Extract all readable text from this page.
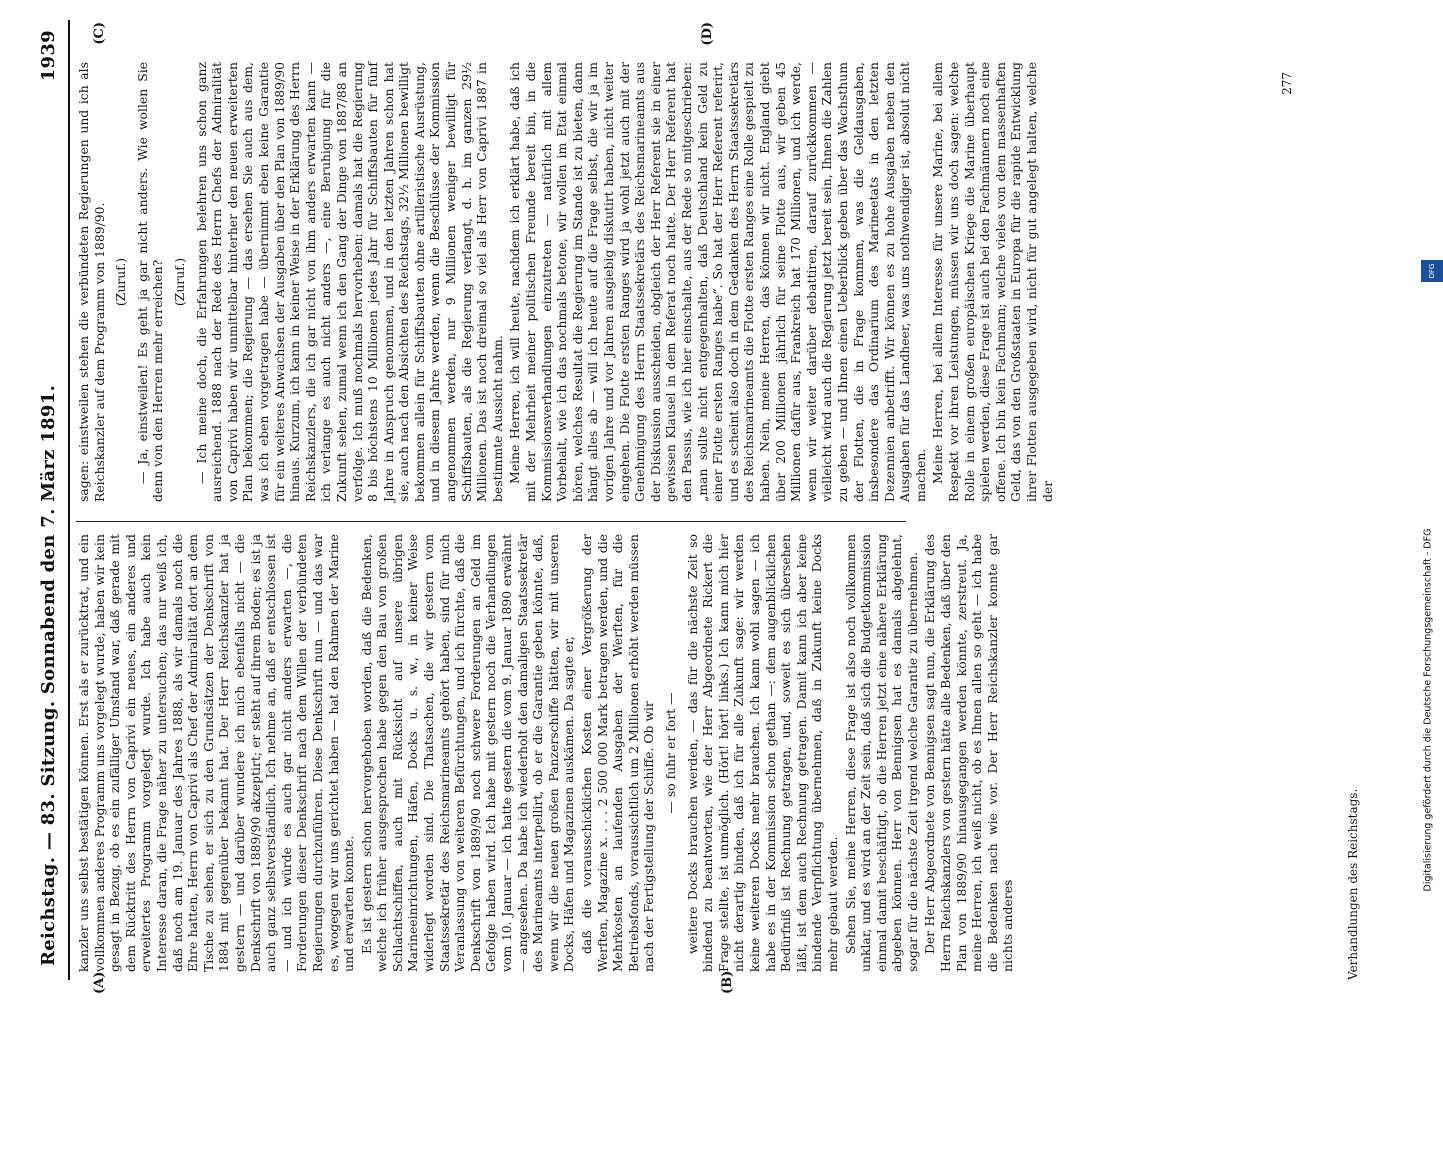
Reichstag. — 83. Sitzung. Sonnabend den 7. März 1891.
1939
(A)	(B)
(C)	(D)

kanzler uns selbst bestätigen können. Erst als er zurücktrat, und ein vollkommen anderes Programm uns vorgelegt wurde, haben wir kein gesagt in Bezug, ob es ein zufälliger Umstand war, daß gerade mit dem Rücktritt des Herrn von Caprivi ein neues, ein anderes und erweitertes Programm vorgelegt wurde. Ich habe auch kein Interesse daran, die Frage näher zu untersuchen; das nur weiß ich, daß noch am 19. Januar des Jahres 1888, als wir damals noch die Ehre hatten, Herrn von Caprivi als Chef der Admiralität dort an dem Tische zu sehen, er sich zu den Grundsätzen der Denkschrift von 1884 mit gegenüber bekannt hat. Der Herr Reichskanzler hat ja gestern — und darüber wundere ich mich ebenfalls nicht — die Denkschrift von 1889/90 akzeptirt; er steht auf ihrem Boden; es ist ja auch ganz selbstverständlich. Ich nehme an, daß er entschlossen ist — und ich würde es auch gar nicht anders erwarten —, die Forderungen dieser Denkschrift nach dem Willen der verbündeten Regierungen durchzuführen. Diese Denkschrift nun — und das war es, wogegen wir uns gerichtet haben — hat den Rahmen der Marine und erwarten konnte. Es ist gestern schon hervorgehoben worden, daß die Bedenken, welche ich früher ausgesprochen habe gegen den Bau von großen Schlachtschiffen, auch mit Rücksicht auf unsere übrigen Marineeinrichtungen, Häfen, Docks u. s. w., in keiner Weise widerlegt worden sind. Die Thatsachen, die wir gestern vom Staatssekretär des Reichsmarineamts gehört haben, sind für mich Veranlassung von weiteren Befürchtungen, und ich fürchte, daß die Denkschrift von 1889/90 noch schwere Forderungen an Geld im Gefolge haben wird. Ich habe mit gestern noch die Verhandlungen vom 10. Januar — ich hatte gestern die vom 9. Januar 1890 erwähnt — angesehen. Da habe ich wiederholt den damaligen Staatssekretär des Marineamts interpellirt, ob er die Garantie geben könnte, daß, wenn wir die neuen großen Panzerschiffe hätten, wir mit unseren Docks, Häfen und Magazinen auskämen. Da sagte er, daß die vorausschicklichen Kosten einer Vergrößerung der Werften, Magazine x. . . . 2 500 000 Mark betragen werden, und die Mehrkosten an laufenden Ausgaben der Werften, für die Betriebsfonds, voraussichtlich um 2 Millionen erhöht werden müssen nach der Fertigstellung der Schiffe. Ob wir — so fuhr er fort — weitere Docks brauchen werden, — das für die nächste Zeit so bindend zu beantworten, wie der Herr Abgeordnete Rickert die Frage stellte, ist unmöglich. (Hört! hört! links.) Ich kann mich hier nicht derartig binden, daß ich für alle Zukunft sage: wir werden keine weiteren Docks mehr brauchen. Ich kann wohl sagen — ich habe es in der Kommission schon gethan —: dem augenblicklichen Bedürfniß ist Rechnung getragen, und, soweit es sich übersehen läßt, ist dem auch Rechnung getragen. Damit kann ich aber keine bindende Verpflichtung übernehmen, daß in Zukunft keine Docks mehr gebaut werden. Sehen Sie, meine Herren, diese Frage ist also noch vollkommen unklar, und es wird an der Zeit sein, daß sich die Budgetkommission einmal damit beschäftigt, ob die Herren jetzt eine nähere Erklärung abgeben können. Herr von Bennigsen hat es damals abgelehnt, sogar für die nächste Zeit irgend welche Garantie zu übernehmen. Der Herr Abgeordnete von Bennigsen sagt nun, die Erklärung des Herrn Reichskanzlers von gestern hätte alle Bedenken, daß über den Plan von 1889/90 hinausgegangen werden könnte, zerstreut. Ja, meine Herren, ich weiß nicht, ob es Ihnen allen so geht — ich habe die Bedenken nach wie vor. Der Herr Reichskanzler konnte gar nichts anderes

sagen: einstweilen stehen die verbündeten Regierungen und ich als Reichskanzler auf dem Programm von 1889/90. (Zuruf.) — Ja, einstweilen! Es geht ja gar nicht anders. Wie wollen Sie denn von den Herren mehr erreichen? (Zuruf.) — Ich meine doch, die Erfahrungen belehren uns schon ganz ausreichend. 1888 nach der Rede des Herrn Chefs der Admiralität von Caprivi haben wir unmittelbar hinterher den neuen erweiterten Plan bekommen; die Regierung — das ersehen Sie auch aus dem, was ich eben vorgetragen habe — übernimmt eben keine Garantie für ein weiteres Anwachsen der Ausgaben über den Plan von 1889/90 hinaus. Kurzum, ich kann in keiner Weise in der Erklärung des Herrn Reichskanzlers, die ich gar nicht von ihm anders erwarten kann — ich verlange es auch nicht anders —, eine Beruhigung für die Zukunft sehen, zumal wenn ich den Gang der Dinge von 1887/88 an verfolge. Ich muß nochmals hervorheben: damals hat die Regierung 8 bis höchstens 10 Millionen jedes Jahr für Schiffsbauten für fünf Jahre in Anspruch genommen, und in den letzten Jahren schon hat sie, auch nach den Absichten des Reichstags, 32½ Millionen bewilligt bekommen allein für Schiffsbauten ohne artilleristische Ausrüstung, und in diesem Jahre werden, wenn die Beschlüsse der Kommission angenommen werden, nur 9 Millionen weniger bewilligt für Schiffsbauten, als die Regierung verlangt, d. h. im ganzen 29½ Millionen. Das ist noch dreimal so viel als Herr von Caprivi 1887 in bestimmte Aussicht nahm. Meine Herren, ich will heute, nachdem ich erklärt habe, daß ich mit der Mehrheit meiner politischen Freunde bereit bin, in die Kommissionsverhandlungen einzutreten — natürlich mit allem Vorbehalt, wie ich das nochmals betone, wir wollen im Etat einmal hören, welches Resultat die Regierung im Stande ist zu bieten, dann hängt alles ab — will ich heute auf die Frage selbst, die wir ja im vorigen Jahre und vor Jahren ausgiebig diskutirt haben, nicht weiter eingehen. Die Flotte ersten Ranges wird ja wohl jetzt auch mit der Genehmigung des Herrn Staatssekretärs des Reichsmarineamts aus der Diskussion ausscheiden, obgleich der Herr Referent sie in einer gewissen Klausel in dem Referat noch hatte. Der Herr Referent hat den Passus, wie ich hier einschalte, aus der Rede so mitgeschrieben: „man sollte nicht entgegenhalten, daß Deutschland kein Geld zu einer Flotte ersten Ranges habe“. So hat der Herr Referent referirt, und es scheint also doch in dem Gedanken des Herrn Staatssekretärs des Reichsmarineamts die Flotte ersten Ranges eine Rolle gespielt zu haben. Nein, meine Herren, das können wir nicht. England giebt über 200 Millionen jährlich für seine Flotte aus, wir geben 45 Millionen dafür aus, Frankreich hat 170 Millionen, und ich werde, wenn wir weiter darüber debattiren, darauf zurückkommen — vielleicht wird auch die Regierung jetzt bereit sein, Ihnen die Zahlen zu geben — und Ihnen einen Ueberblick geben über das Wachsthum der Flotten, die in Frage kommen, was die Geldausgaben, insbesondere das Ordinarium des Marineetats in den letzten Dezennien anbetrifft. Wir können es zu hohe Ausgaben neben den Ausgaben für das Landheer, was uns nothwendiger ist, absolut nicht machen. Meine Herren, bei allem Interesse für unsere Marine, bei allem Respekt vor ihren Leistungen, müssen wir uns doch sagen: welche Rolle in einem großen europäischen Kriege die Marine überhaupt spielen werden, diese Frage ist auch bei den Fachmännern noch eine offene. Ich bin kein Fachmann; welche vieles von dem massenhaften Geld, das von den Großstaaten in Europa für die rapide Entwicklung ihrer Flotten ausgegeben wird, nicht für gut angelegt halten, welche der

Verhandlungen des Reichstags.
277
Digitalisierung gefördert durch die Deutsche Forschungsgemeinschaft - DFG
DFG
